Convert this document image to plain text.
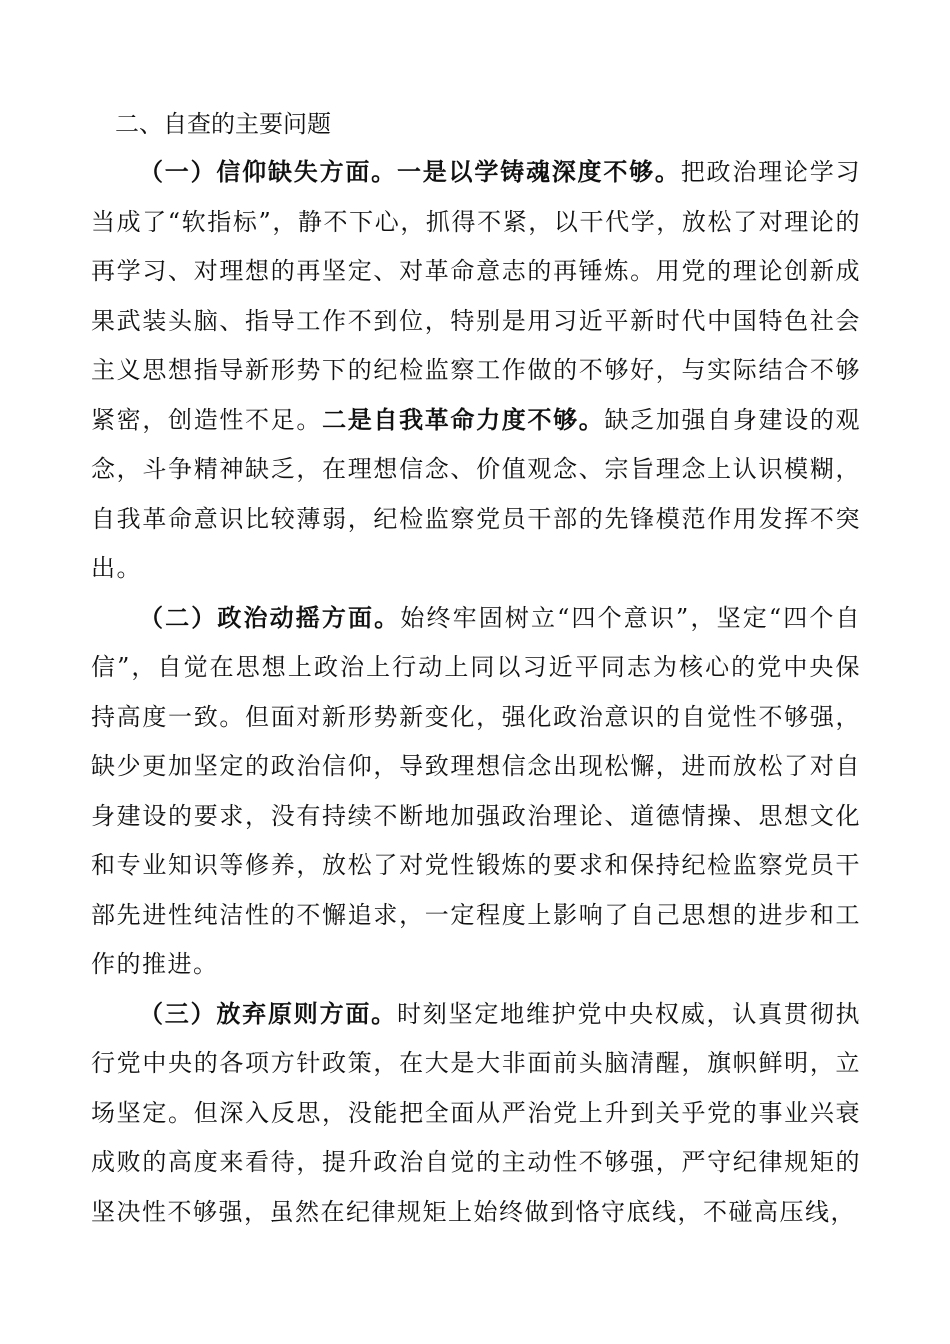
二、自查的主要问题

（一）信仰缺失方面。一是以学铸魂深度不够。把政治理论学习当成了“软指标”，静不下心，抓得不紧，以干代学，放松了对理论的再学习、对理想的再坚定、对革命意志的再锤炼。用党的理论创新成果武装头脑、指导工作不到位，特别是用习近平新时代中国特色社会主义思想指导新形势下的纪检监察工作做的不够好，与实际结合不够紧密，创造性不足。二是自我革命力度不够。缺乏加强自身建设的观念，斗争精神缺乏，在理想信念、价值观念、宗旨理念上认识模糊，自我革命意识比较薄弱，纪检监察党员干部的先锋模范作用发挥不突出。

（二）政治动摇方面。始终牢固树立“四个意识”，坚定“四个自信”，自觉在思想上政治上行动上同以习近平同志为核心的党中央保持高度一致。但面对新形势新变化，强化政治意识的自觉性不够强，缺少更加坚定的政治信仰，导致理想信念出现松懈，进而放松了对自身建设的要求，没有持续不断地加强政治理论、道德情操、思想文化和专业知识等修养，放松了对党性锻炼的要求和保持纪检监察党员干部先进性纯洁性的不懈追求，一定程度上影响了自己思想的进步和工作的推进。

（三）放弃原则方面。时刻坚定地维护党中央权威，认真贯彻执行党中央的各项方针政策，在大是大非面前头脑清醒，旗帜鲜明，立场坚定。但深入反思，没能把全面从严治党上升到关乎党的事业兴衰成败的高度来看待，提升政治自觉的主动性不够强，严守纪律规矩的坚决性不够强，虽然在纪律规矩上始终做到恪守底线，不碰高压线，
